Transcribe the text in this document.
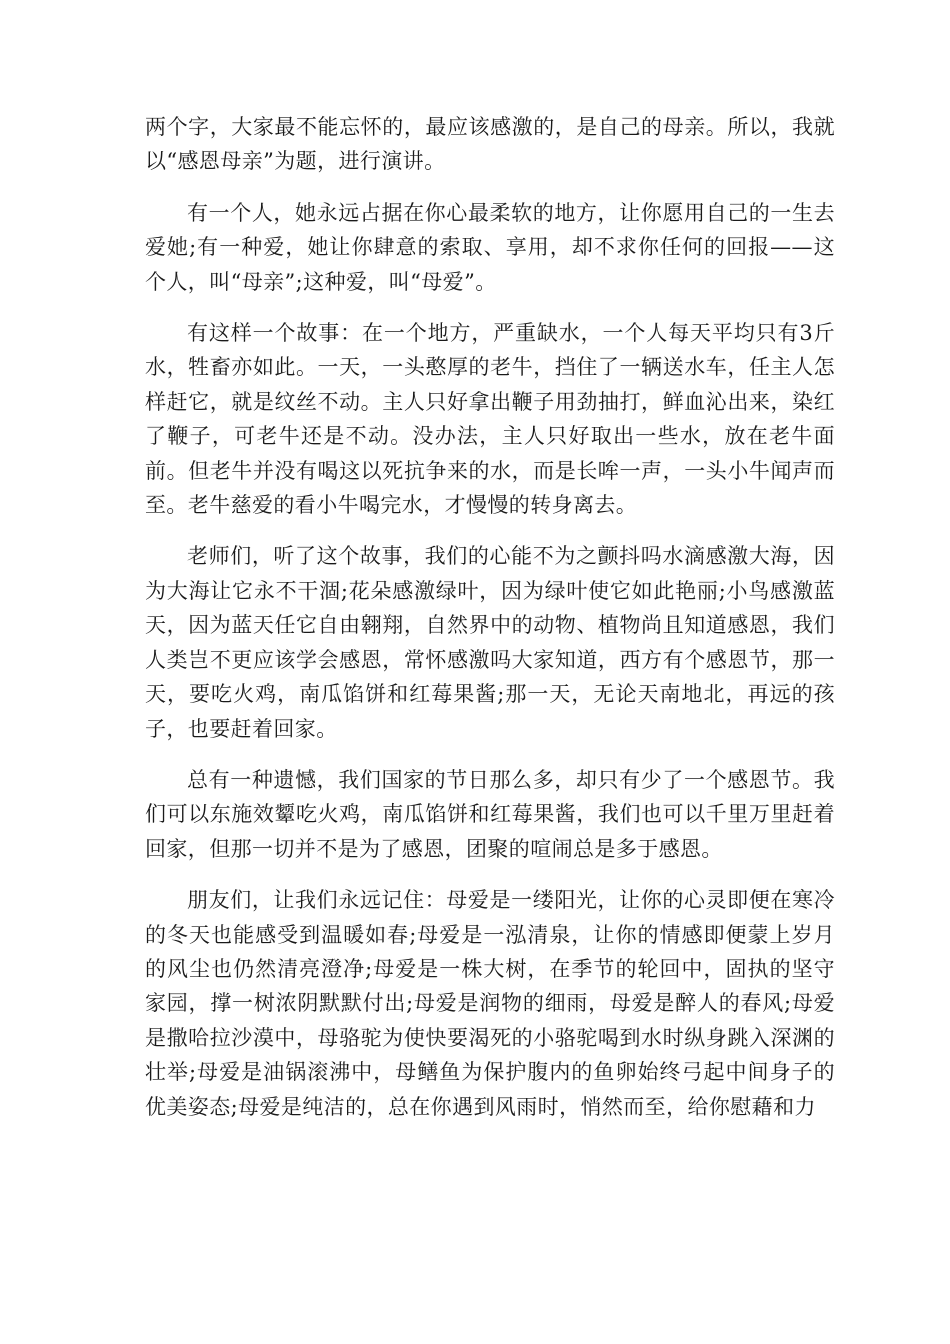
两个字，大家最不能忘怀的，最应该感激的，是自己的母亲。所以，我就以“感恩母亲”为题，进行演讲。

有一个人，她永远占据在你心最柔软的地方，让你愿用自己的一生去爱她;有一种爱，她让你肆意的索取、享用，却不求你任何的回报——这个人，叫“母亲”;这种爱，叫“母爱”。

有这样一个故事：在一个地方，严重缺水，一个人每天平均只有3斤水，牲畜亦如此。一天，一头憨厚的老牛，挡住了一辆送水车，任主人怎样赶它，就是纹丝不动。主人只好拿出鞭子用劲抽打，鲜血沁出来，染红了鞭子，可老牛还是不动。没办法，主人只好取出一些水，放在老牛面前。但老牛并没有喝这以死抗争来的水，而是长哞一声，一头小牛闻声而至。老牛慈爱的看小牛喝完水，才慢慢的转身离去。

老师们，听了这个故事，我们的心能不为之颤抖吗水滴感激大海，因为大海让它永不干涸;花朵感激绿叶，因为绿叶使它如此艳丽;小鸟感激蓝天，因为蓝天任它自由翱翔，自然界中的动物、植物尚且知道感恩，我们人类岂不更应该学会感恩，常怀感激吗大家知道，西方有个感恩节，那一天，要吃火鸡，南瓜馅饼和红莓果酱;那一天，无论天南地北，再远的孩子，也要赶着回家。

总有一种遗憾，我们国家的节日那么多，却只有少了一个感恩节。我们可以东施效颦吃火鸡，南瓜馅饼和红莓果酱，我们也可以千里万里赶着回家，但那一切并不是为了感恩，团聚的喧闹总是多于感恩。

朋友们，让我们永远记住：母爱是一缕阳光，让你的心灵即便在寒冷的冬天也能感受到温暖如春;母爱是一泓清泉，让你的情感即便蒙上岁月的风尘也仍然清亮澄净;母爱是一株大树，在季节的轮回中，固执的坚守家园，撑一树浓阴默默付出;母爱是润物的细雨，母爱是醉人的春风;母爱是撒哈拉沙漠中，母骆驼为使快要渴死的小骆驼喝到水时纵身跳入深渊的壮举;母爱是油锅滚沸中，母鳝鱼为保护腹内的鱼卵始终弓起中间身子的优美姿态;母爱是纯洁的，总在你遇到风雨时，悄然而至，给你慰藉和力
